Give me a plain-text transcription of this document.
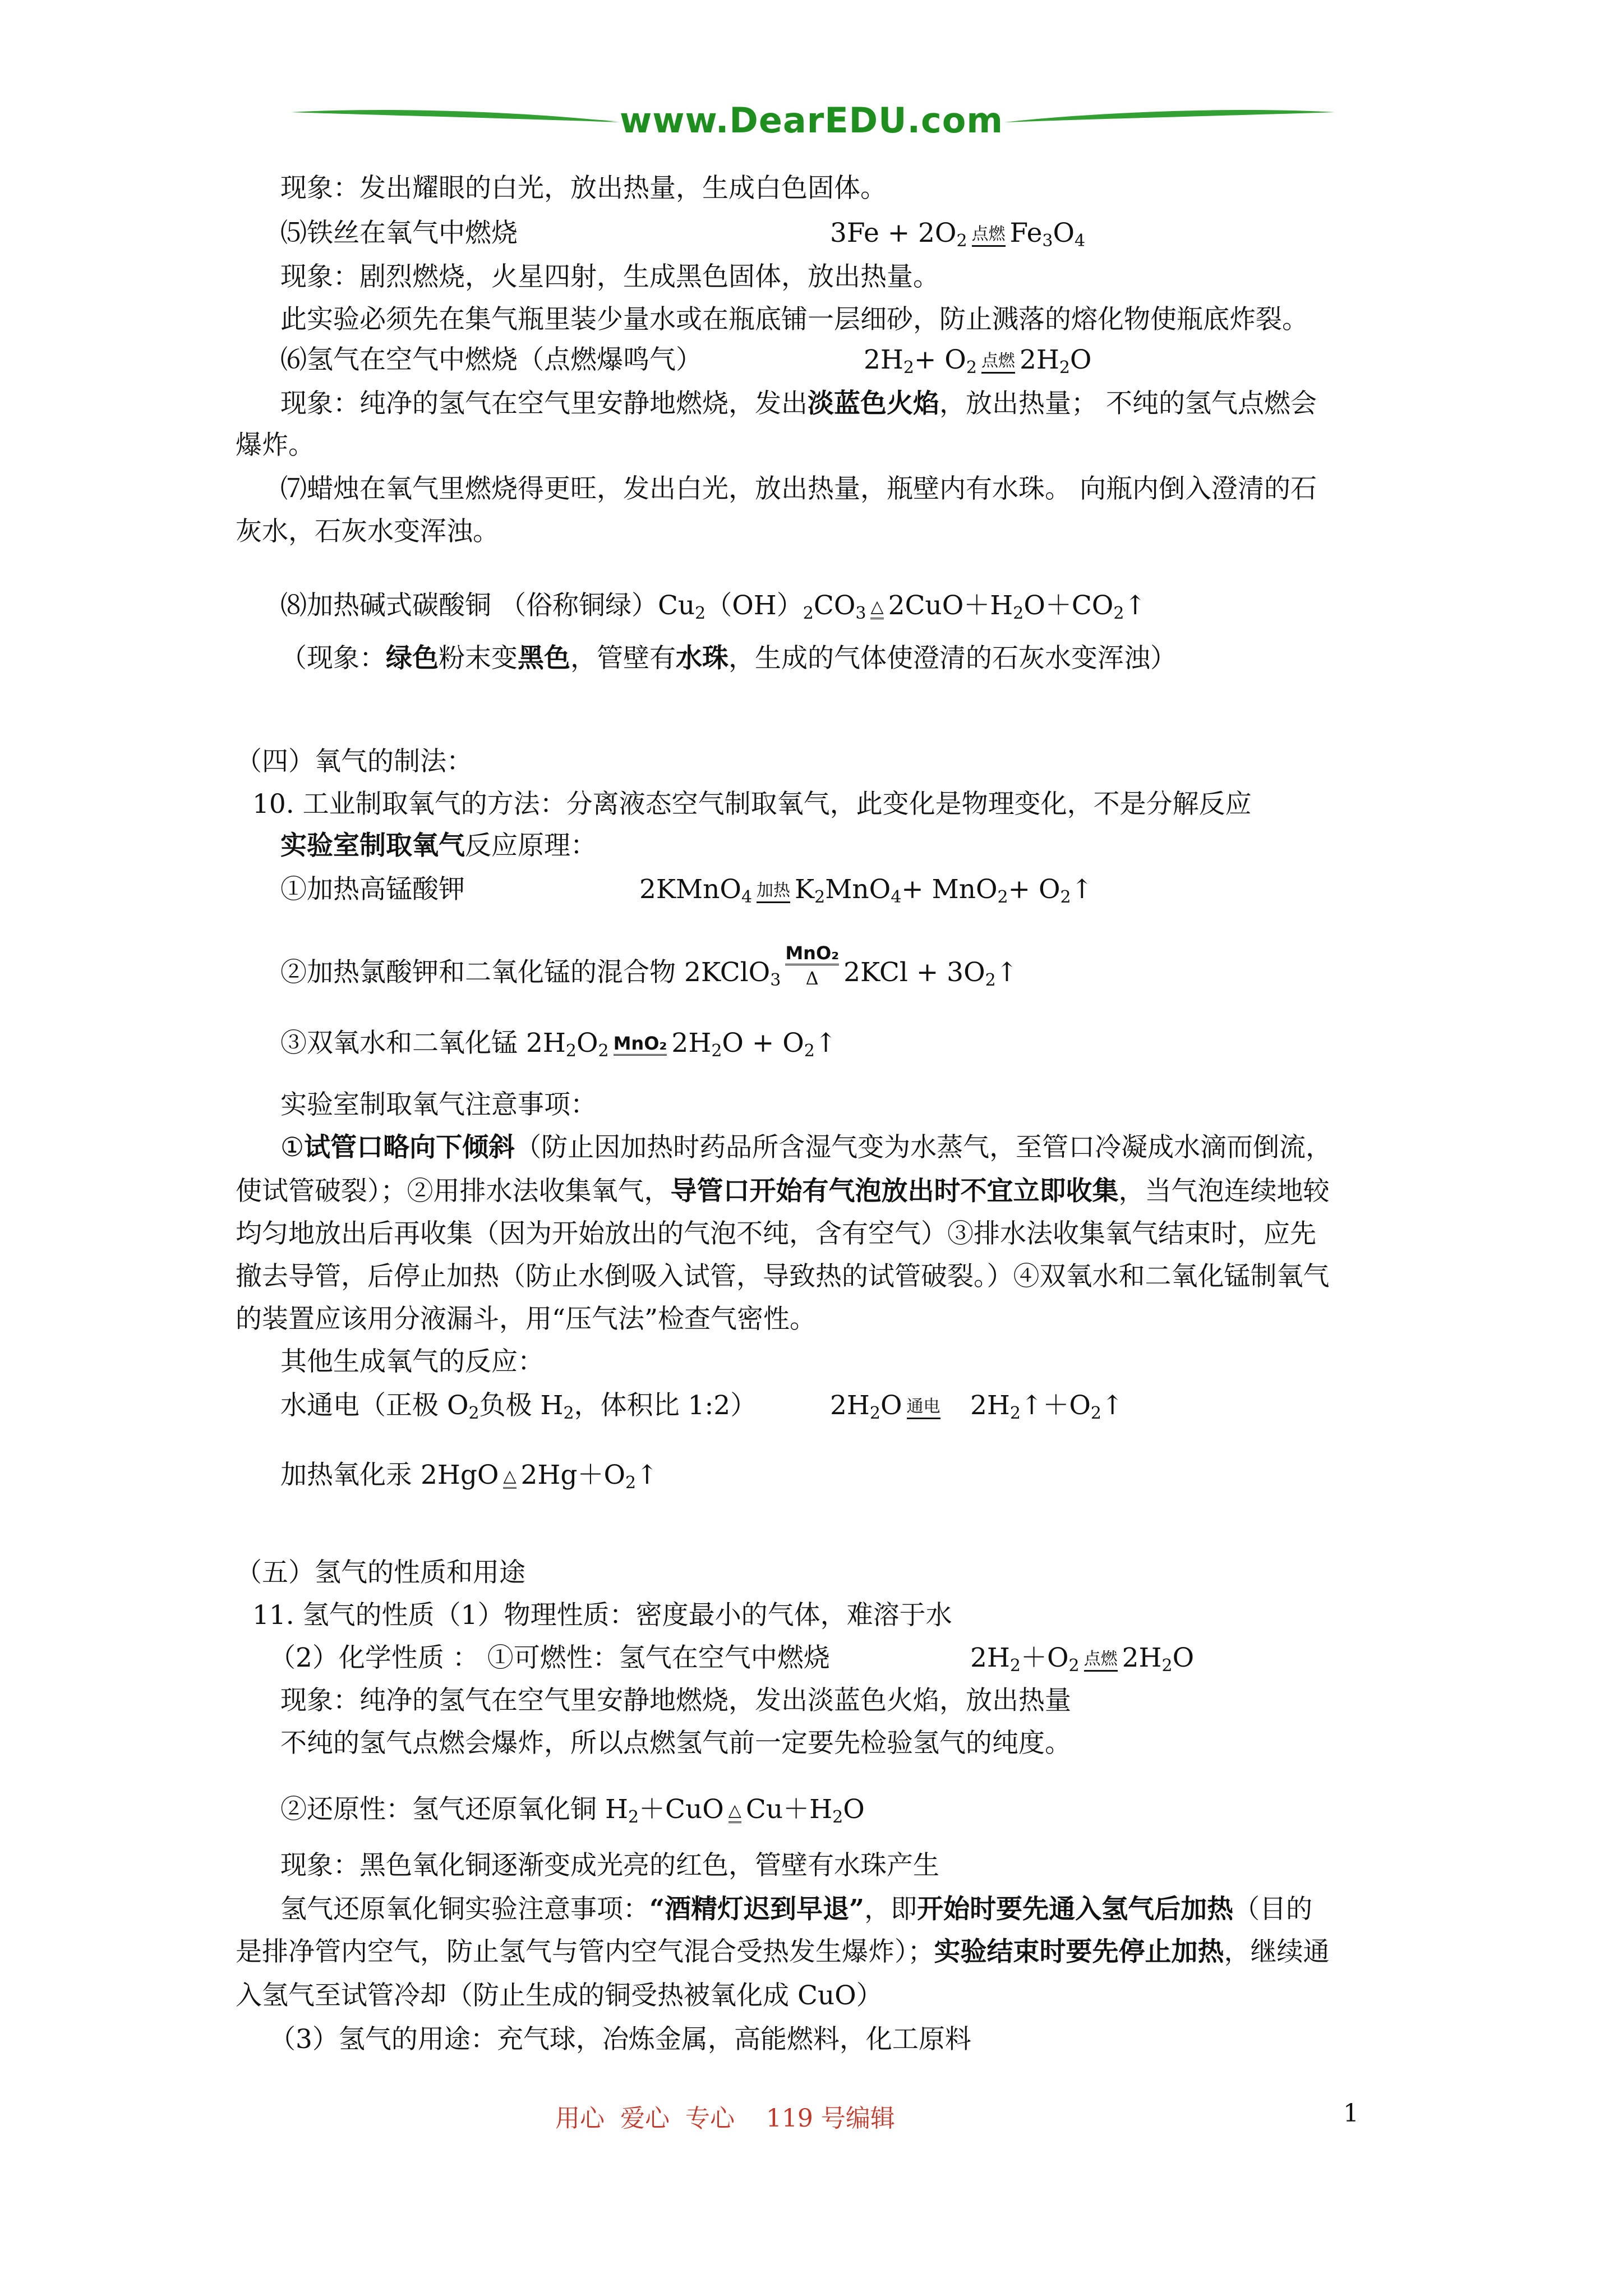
www.DearEDU.com
现象：发出耀眼的白光，放出热量，生成白色固体。
⑸铁丝在氧气中燃烧	3Fe + 2O2 点燃 Fe3O4
现象：剧烈燃烧，火星四射，生成黑色固体，放出热量。
此实验必须先在集气瓶里装少量水或在瓶底铺一层细砂，防止溅落的熔化物使瓶底炸裂。
⑹氢气在空气中燃烧（点燃爆鸣气）	2H2+ O2 点燃 2H2O
现象：纯净的氢气在空气里安静地燃烧，发出淡蓝色火焰，放出热量； 不纯的氢气点燃会
爆炸。
⑺蜡烛在氧气里燃烧得更旺，发出白光，放出热量，瓶壁内有水珠。 向瓶内倒入澄清的石
灰水，石灰水变浑浊。
⑻加热碱式碳酸铜 （俗称铜绿）Cu2（OH）2CO3 △ 2CuO＋H2O＋CO2↑
（现象：绿色粉末变黑色，管壁有水珠，生成的气体使澄清的石灰水变浑浊）
（四）氧气的制法：
10. 工业制取氧气的方法：分离液态空气制取氧气，此变化是物理变化，不是分解反应
实验室制取氧气反应原理：
①加热高锰酸钾	2KMnO4 加热 K2MnO4+ MnO2+ O2↑
②加热氯酸钾和二氧化锰的混合物 2KClO3
MnO₂
Δ 2KCl + 3O2↑
③双氧水和二氧化锰 2H2O2 MnO₂ 2H2O + O2↑
实验室制取氧气注意事项：
①试管口略向下倾斜（防止因加热时药品所含湿气变为水蒸气，至管口冷凝成水滴而倒流，
使试管破裂）；②用排水法收集氧气，导管口开始有气泡放出时不宜立即收集，当气泡连续地较
均匀地放出后再收集（因为开始放出的气泡不纯，含有空气）③排水法收集氧气结束时，应先
撤去导管，后停止加热（防止水倒吸入试管，导致热的试管破裂。）④双氧水和二氧化锰制氧气
的装置应该用分液漏斗，用“压气法”检查气密性。
其他生成氧气的反应：
水通电（正极 O2负极 H2，体积比 1:2）	2H2O 通电 2H2↑＋O2↑
加热氧化汞 2HgO △ 2Hg＋O2↑
（五）氢气的性质和用途
11. 氢气的性质（1）物理性质：密度最小的气体，难溶于水
（2）化学性质 ： ①可燃性：氢气在空气中燃烧	2H2＋O2 点燃 2H2O
现象：纯净的氢气在空气里安静地燃烧，发出淡蓝色火焰，放出热量
不纯的氢气点燃会爆炸，所以点燃氢气前一定要先检验氢气的纯度。
②还原性：氢气还原氧化铜 H2＋CuO △ Cu＋H2O
现象：黑色氧化铜逐渐变成光亮的红色，管壁有水珠产生
氢气还原氧化铜实验注意事项：“酒精灯迟到早退”，即开始时要先通入氢气后加热（目的
是排净管内空气，防止氢气与管内空气混合受热发生爆炸）；实验结束时要先停止加热，继续通
入氢气至试管冷却（防止生成的铜受热被氧化成 CuO）
（3）氢气的用途：充气球，冶炼金属，高能燃料，化工原料
用心  爱心  专心    119 号编辑	1
